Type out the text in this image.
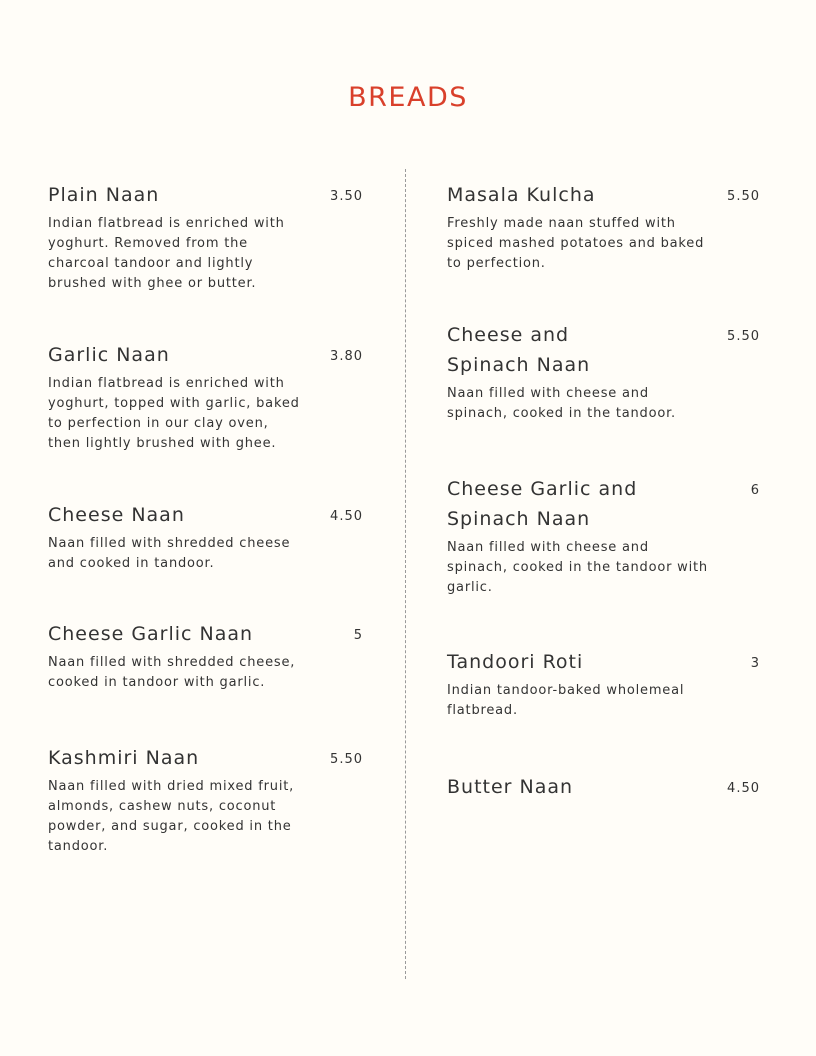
BREADS
Plain Naan	3.50
Indian flatbread is enriched with yoghurt. Removed from the charcoal tandoor and lightly brushed with ghee or butter.
Garlic Naan	3.80
Indian flatbread is enriched with yoghurt, topped with garlic, baked to perfection in our clay oven, then lightly brushed with ghee.
Cheese Naan	4.50
Naan filled with shredded cheese and cooked in tandoor.
Cheese Garlic Naan	5
Naan filled with shredded cheese, cooked in tandoor with garlic.
Kashmiri Naan	5.50
Naan filled with dried mixed fruit, almonds, cashew nuts, coconut powder, and sugar, cooked in the tandoor.
Masala Kulcha	5.50
Freshly made naan stuffed with spiced mashed potatoes and baked to perfection.
Cheese and Spinach Naan
5.50
Naan filled with cheese and spinach, cooked in the tandoor.
Cheese Garlic and Spinach Naan
6
Naan filled with cheese and spinach, cooked in the tandoor with garlic.
Tandoori Roti	3
Indian tandoor-baked wholemeal flatbread.
Butter Naan	4.50
